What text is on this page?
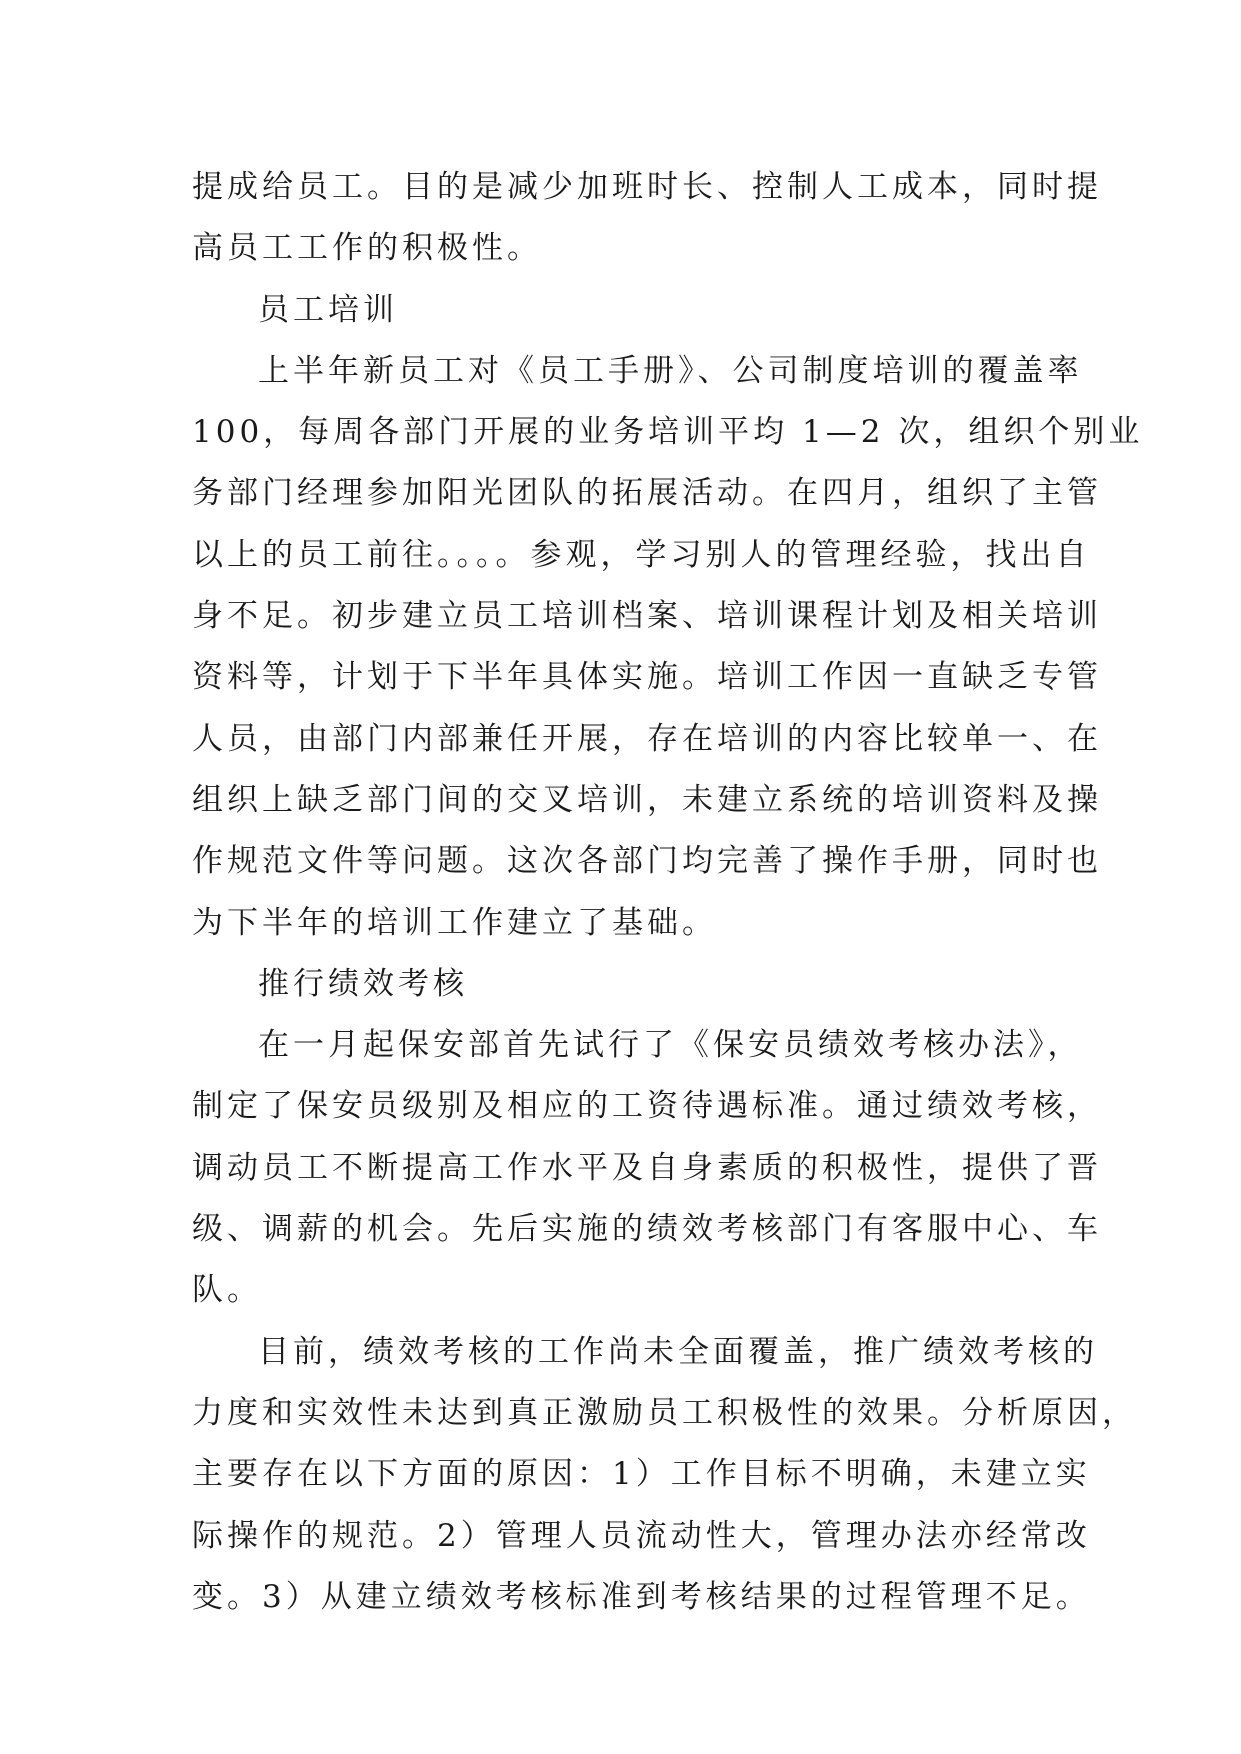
提成给员工。目的是减少加班时长、控制人工成本，同时提
高员工工作的积极性。
员工培训
上半年新员工对《员工手册》、公司制度培训的覆盖率
100，每周各部门开展的业务培训平均 1—2 次，组织个别业
务部门经理参加阳光团队的拓展活动。在四月，组织了主管
以上的员工前往。。。。参观，学习别人的管理经验，找出自
身不足。初步建立员工培训档案、培训课程计划及相关培训
资料等，计划于下半年具体实施。培训工作因一直缺乏专管
人员，由部门内部兼任开展，存在培训的内容比较单一、在
组织上缺乏部门间的交叉培训，未建立系统的培训资料及操
作规范文件等问题。这次各部门均完善了操作手册，同时也
为下半年的培训工作建立了基础。
推行绩效考核
在一月起保安部首先试行了《保安员绩效考核办法》，
制定了保安员级别及相应的工资待遇标准。通过绩效考核，
调动员工不断提高工作水平及自身素质的积极性，提供了晋
级、调薪的机会。先后实施的绩效考核部门有客服中心、车
队。
目前，绩效考核的工作尚未全面覆盖，推广绩效考核的
力度和实效性未达到真正激励员工积极性的效果。分析原因，
主要存在以下方面的原因：1）工作目标不明确，未建立实
际操作的规范。2）管理人员流动性大，管理办法亦经常改
变。3）从建立绩效考核标准到考核结果的过程管理不足。
